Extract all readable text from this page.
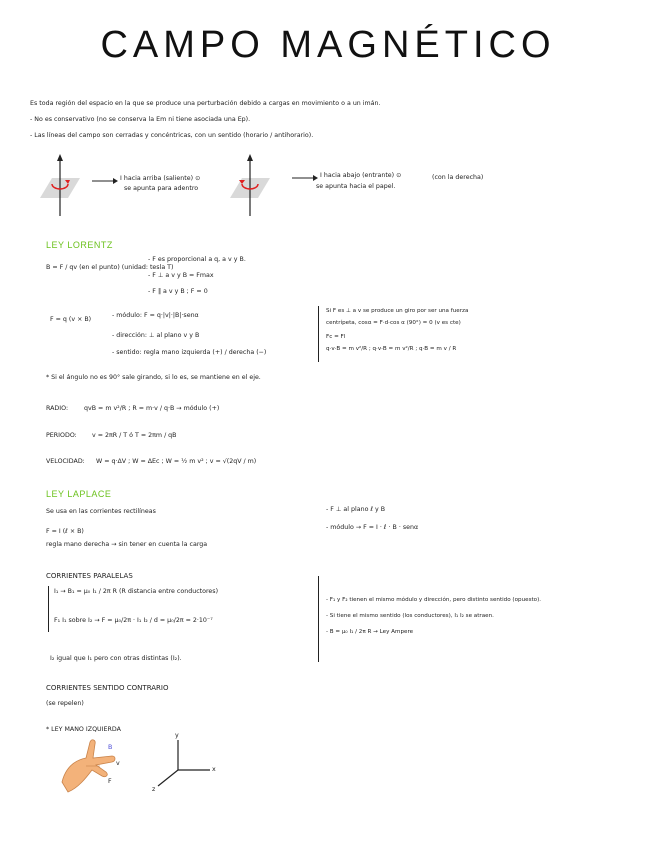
CAMPO MAGNÉTICO
Es toda región del espacio en la que se produce una perturbación debido a cargas en movimiento o a un imán.
- No es conservativo (no se conserva la Em ni tiene asociada una Ep).
- Las líneas del campo son cerradas y concéntricas, con un sentido (horario / antihorario).
I hacia arriba (saliente) ⊙
se apunta para adentro
I hacia abajo (entrante) ⊙
se apunta hacia el papel.
(con la derecha)
LEY LORENTZ
B = F / qv (en el punto) (unidad: tesla T)
- F es proporcional a q, a v y B.
- F ⊥ a v y B = Fmax
- F ∥ a v y B ; F = 0
F = q (v × B)
- módulo: F = q·|v|·|B|·senα
- dirección: ⊥ al plano v y B
- sentido: regla mano izquierda (+) / derecha (−)
Si F es ⊥ a v se produce un giro por ser una fuerza
centrípeta, cosα = F·d·cos α (90°) = 0 (v es cte)
Fc = Fl
q·v·B = m v²/R ; q·v·B = m v²/R ; q·B = m v / R
* Si el ángulo no es 90° sale girando, si lo es, se mantiene en el eje.
RADIO:	qvB = m v²/R ; R = m·v / q·B → módulo (+)
PERIODO: v = 2πR / T ó T = 2πm / qB
VELOCIDAD: W = q·ΔV ; W = ΔEc ; W = ½ m v² ; v = √(2qV / m)
LEY LAPLACE
Se usa en las corrientes rectilíneas
F = I (ℓ × B)
regla mano derecha → sin tener en cuenta la carga
- F ⊥ al plano ℓ y B
- módulo → F = I · ℓ · B · senα
CORRIENTES PARALELAS
I₁ → B₁ = μ₀ I₁ / 2π R (R distancia entre conductores)
F₁ I₁ sobre I₂ → F = μ₀/2π · I₁ I₂ / d = μ₀/2π = 2·10⁻⁷
I₂ igual que I₁ pero con otras distintas (I₂).
- F₁ y F₂ tienen el mismo módulo y dirección, pero distinto sentido (opuesto).
- Si tiene el mismo sentido (los conductores), I₁ I₂ se atraen.
- B = μ₀ I₁ / 2π R → Ley Ampere
CORRIENTES SENTIDO CONTRARIO
(se repelen)
* LEY MANO IZQUIERDA
B
v
F
y
x
z
